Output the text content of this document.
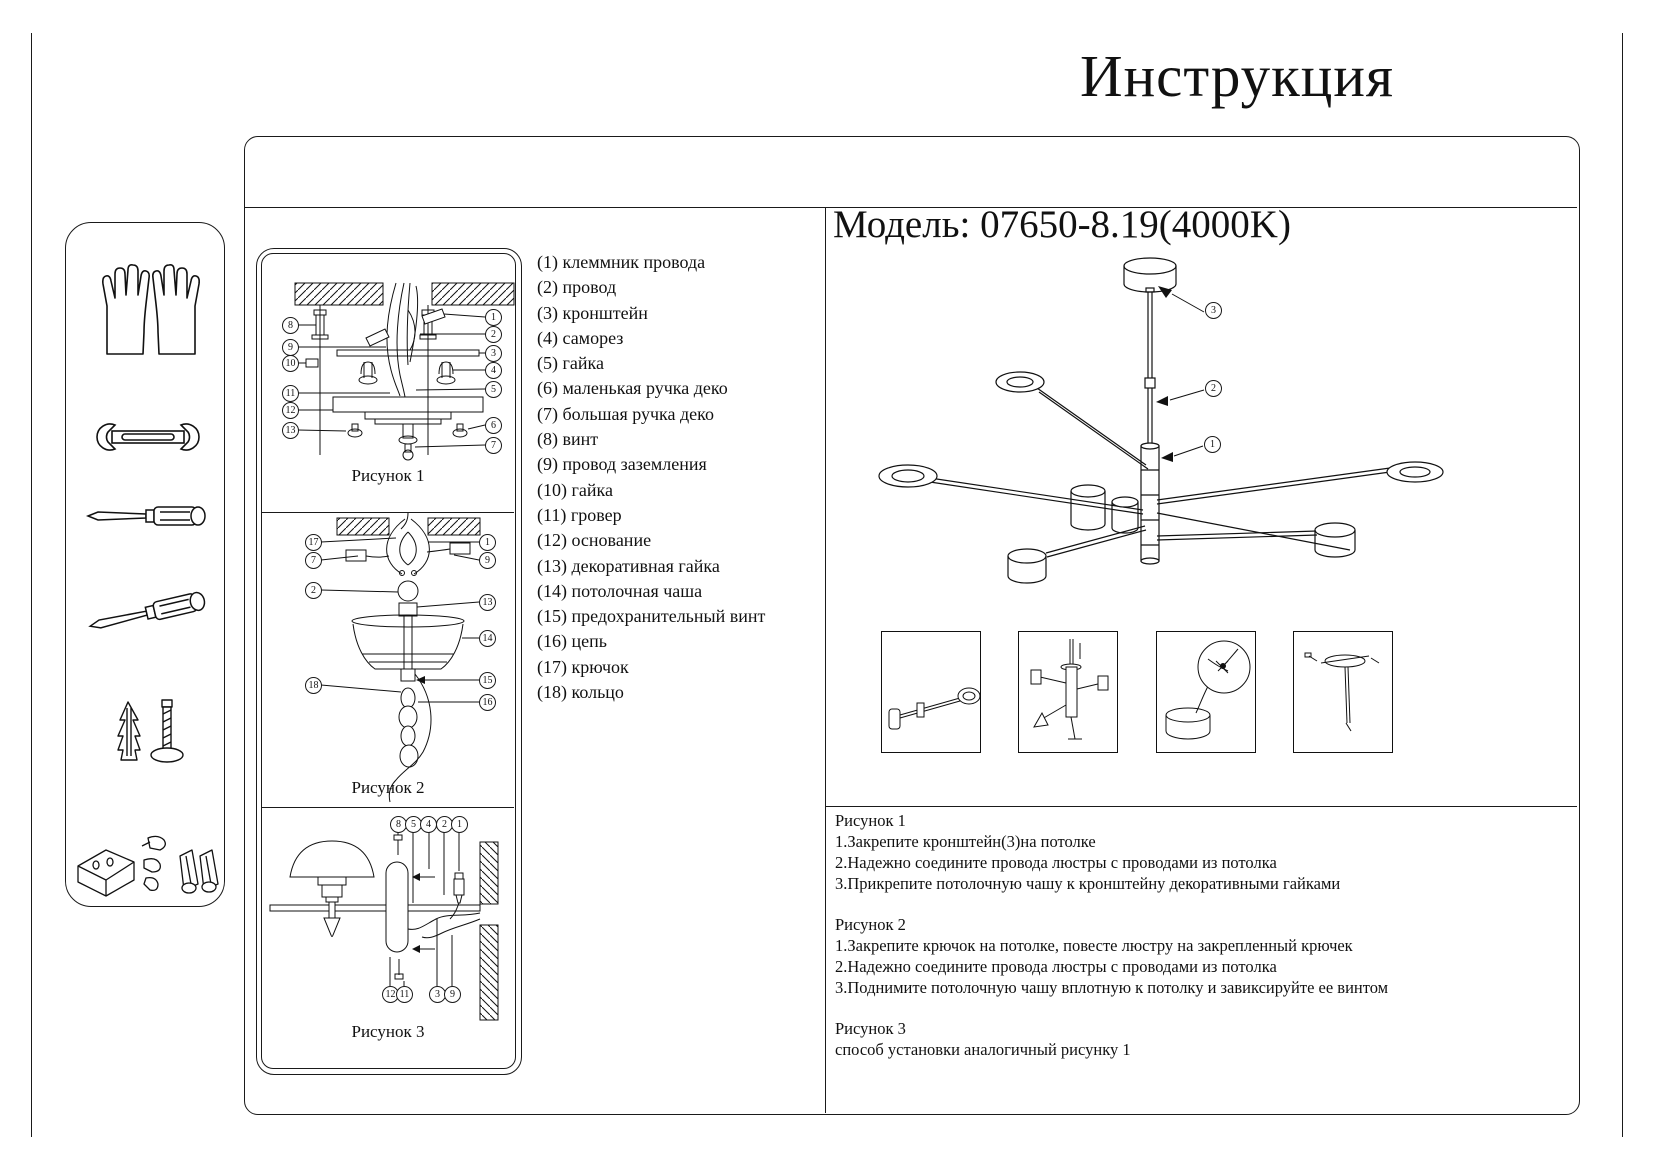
Инструкция
8
9
10
11
12
13
1
2
3
4
5
6
7
Рисунок 1
17
7
2
18
1
9
13
14
15
16
Рисунок 2
8	5	4	2	1
12 11	3	9
Рисунок 3
(1) клеммник провода
(2) провод
(3) кронштейн
(4) саморез
(5) гайка
(6) маленькая ручка деко
(7) большая ручка деко
(8) винт
(9) провод заземления
(10) гайка
(11) гровер
(12) основание
(13) декоративная гайка
(14) потолочная чаша
(15) предохранительный винт
(16) цепь
(17) крючок
(18) кольцо
Модель: 07650-8.19(4000K)
3
2
1
Рисунок 1
1.Закрепите кронштейн(3)на потолке
2.Надежно соедините провода люстры с проводами из потолка
3.Прикрепите потолочную чашу к кронштейну декоративными гайками
Рисунок 2
1.Закрепите крючок на потолке, повесте люстру на закрепленный крючек
2.Надежно соедините провода люстры с проводами из потолка
3.Поднимите потолочную чашу вплотную к потолку и завиксируйте ее винтом
Рисунок 3
способ установки аналогичный рисунку 1
